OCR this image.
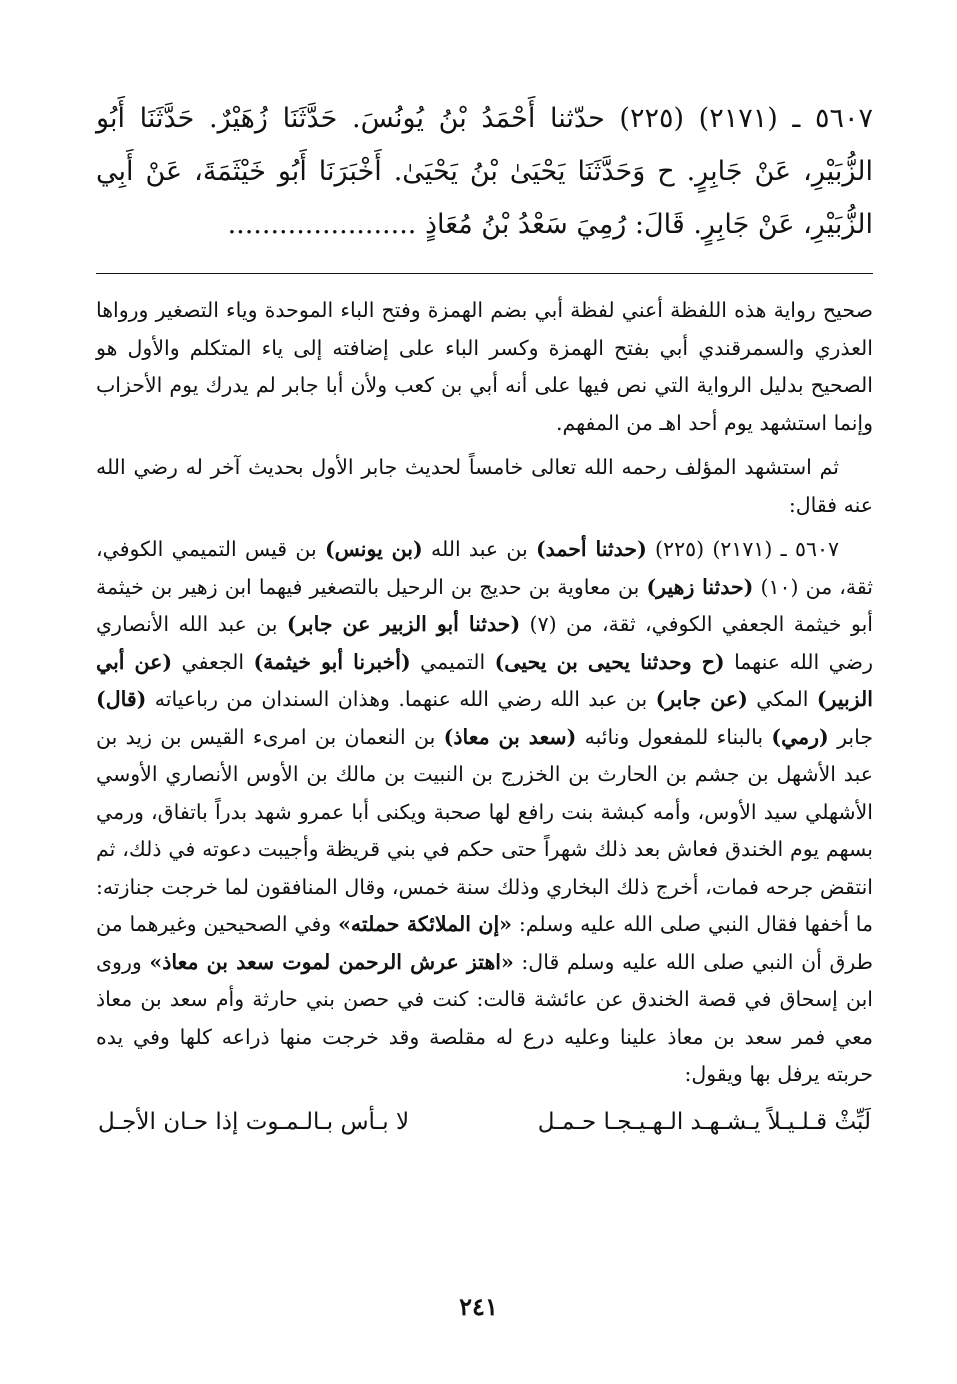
٥٦٠٧ ـ (٢١٧١) (٢٢٥) حدّثنا أَحْمَدُ بْنُ يُونُسَ. حَدَّثَنَا زُهَيْرٌ. حَدَّثَنَا أَبُو الزُّبَيْرِ، عَنْ جَابِرٍ. ح وَحَدَّثَنَا يَحْيَىٰ بْنُ يَحْيَىٰ. أَخْبَرَنَا أَبُو خَيْثَمَةَ، عَنْ أَبِي الزُّبَيْرِ، عَنْ جَابِرٍ. قَالَ: رُمِيَ سَعْدُ بْنُ مُعَاذٍ ......................

صحيح رواية هذه اللفظة أعني لفظة أبي بضم الهمزة وفتح الباء الموحدة وياء التصغير ورواها العذري والسمرقندي أبي بفتح الهمزة وكسر الباء على إضافته إلى ياء المتكلم والأول هو الصحيح بدليل الرواية التي نص فيها على أنه أبي بن كعب ولأن أبا جابر لم يدرك يوم الأحزاب وإنما استشهد يوم أحد اهـ من المفهم.

ثم استشهد المؤلف رحمه الله تعالى خامساً لحديث جابر الأول بحديث آخر له رضي الله عنه فقال:

٥٦٠٧ ـ (٢١٧١) (٢٢٥) (حدثنا أحمد) بن عبد الله (بن يونس) بن قيس التميمي الكوفي، ثقة، من (١٠) (حدثنا زهير) بن معاوية بن حديج بن الرحيل بالتصغير فيهما ابن زهير بن خيثمة أبو خيثمة الجعفي الكوفي، ثقة، من (٧) (حدثنا أبو الزبير عن جابر) بن عبد الله الأنصاري رضي الله عنهما (ح وحدثنا يحيى بن يحيى) التميمي (أخبرنا أبو خيثمة) الجعفي (عن أبي الزبير) المكي (عن جابر) بن عبد الله رضي الله عنهما. وهذان السندان من رباعياته (قال) جابر (رمي) بالبناء للمفعول ونائبه (سعد بن معاذ) بن النعمان بن امرىء القيس بن زيد بن عبد الأشهل بن جشم بن الحارث بن الخزرج بن النبيت بن مالك بن الأوس الأنصاري الأوسي الأشهلي سيد الأوس، وأمه كبشة بنت رافع لها صحبة ويكنى أبا عمرو شهد بدراً باتفاق، ورمي بسهم يوم الخندق فعاش بعد ذلك شهراً حتى حكم في بني قريظة وأجيبت دعوته في ذلك، ثم انتقض جرحه فمات، أخرج ذلك البخاري وذلك سنة خمس، وقال المنافقون لما خرجت جنازته: ما أخفها فقال النبي صلى الله عليه وسلم: «إن الملائكة حملته» وفي الصحيحين وغيرهما من طرق أن النبي صلى الله عليه وسلم قال: «اهتز عرش الرحمن لموت سعد بن معاذ» وروى ابن إسحاق في قصة الخندق عن عائشة قالت: كنت في حصن بني حارثة وأم سعد بن معاذ معي فمر سعد بن معاذ علينا وعليه درع له مقلصة وقد خرجت منها ذراعه كلها وفي يده حربته يرفل بها ويقول:

لَبِّثْ قـلـيـلاً يـشـهـد الـهـيـجـا حـمـل
لا بـأس بـالـمـوت إذا حـان الأجـل
٢٤١
